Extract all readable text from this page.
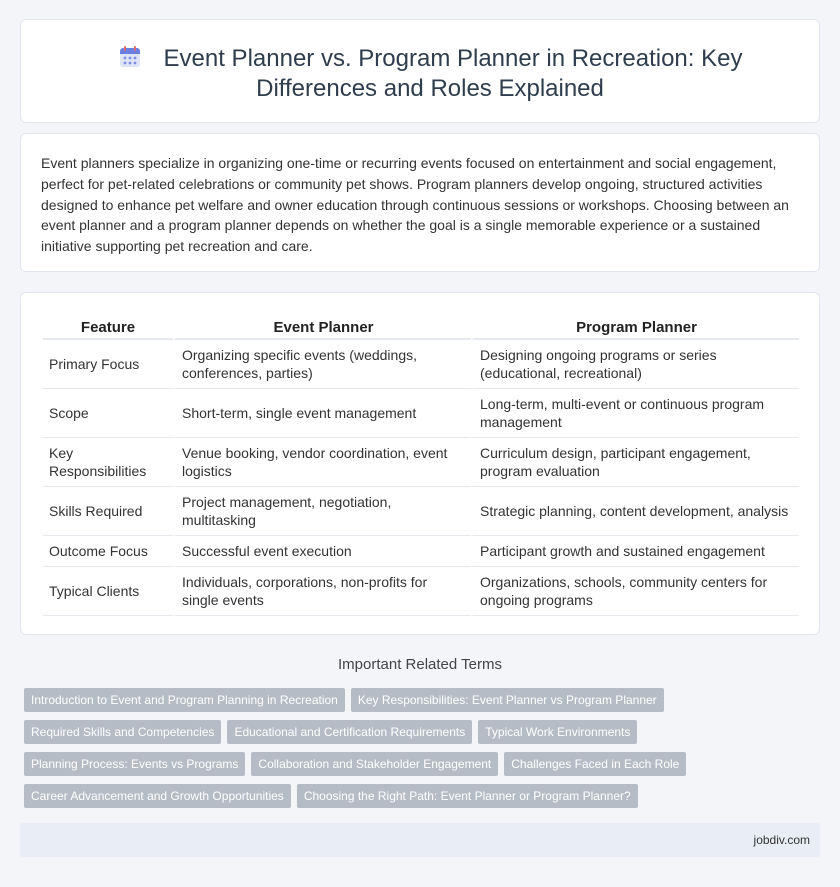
Event Planner vs. Program Planner in Recreation: Key Differences and Roles Explained

Event planners specialize in organizing one-time or recurring events focused on entertainment and social engagement, perfect for pet-related celebrations or community pet shows. Program planners develop ongoing, structured activities designed to enhance pet welfare and owner education through continuous sessions or workshops. Choosing between an event planner and a program planner depends on whether the goal is a single memorable experience or a sustained initiative supporting pet recreation and care.

Feature	Event Planner	Program Planner
Primary Focus	Organizing specific events (weddings, conferences, parties)	Designing ongoing programs or series (educational, recreational)
Scope	Short-term, single event management	Long-term, multi-event or continuous program management
Key Responsibilities	Venue booking, vendor coordination, event logistics	Curriculum design, participant engagement, program evaluation
Skills Required	Project management, negotiation, multitasking	Strategic planning, content development, analysis
Outcome Focus	Successful event execution	Participant growth and sustained engagement
Typical Clients	Individuals, corporations, non-profits for single events	Organizations, schools, community centers for ongoing programs
Important Related Terms
Introduction to Event and Program Planning in Recreation Key Responsibilities: Event Planner vs Program Planner
Required Skills and Competencies Educational and Certification Requirements Typical Work Environments
Planning Process: Events vs Programs Collaboration and Stakeholder Engagement Challenges Faced in Each Role
Career Advancement and Growth Opportunities Choosing the Right Path: Event Planner or Program Planner?
jobdiv.com
